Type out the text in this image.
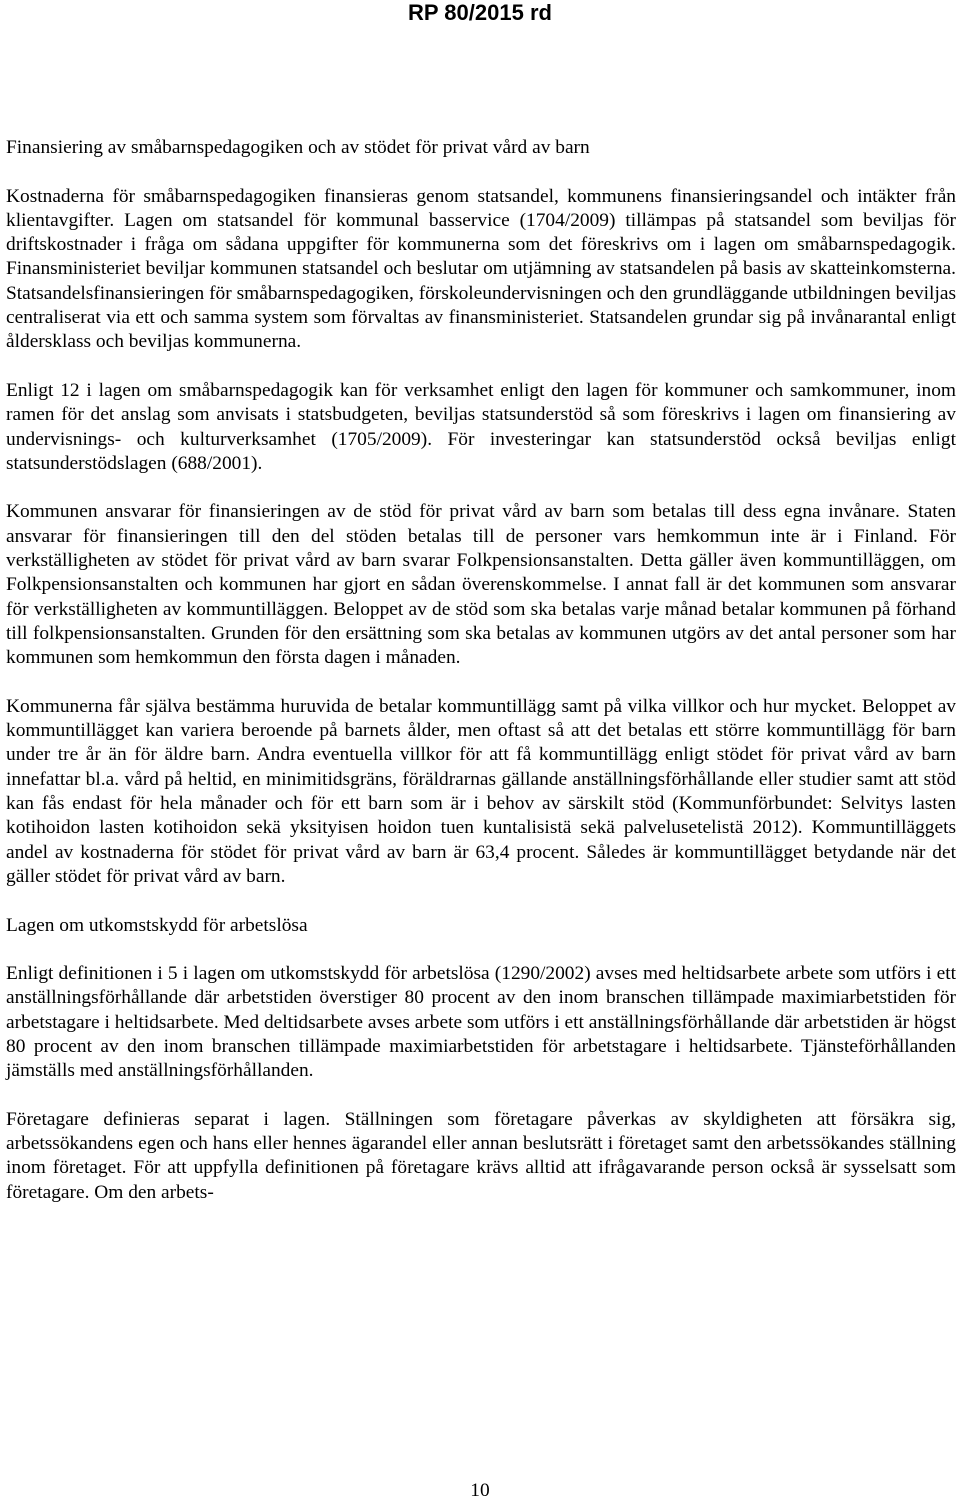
RP 80/2015 rd

Finansiering av småbarnspedagogiken och av stödet för privat vård av barn

Kostnaderna för småbarnspedagogiken finansieras genom statsandel, kommunens finansieringsandel och intäkter från klientavgifter. Lagen om statsandel för kommunal basservice (1704/2009) tillämpas på statsandel som beviljas för driftskostnader i fråga om sådana uppgifter för kommunerna som det föreskrivs om i lagen om småbarnspedagogik. Finansministeriet beviljar kommunen statsandel och beslutar om utjämning av statsandelen på basis av skatteinkomsterna. Statsandelsfinansieringen för småbarnspedagogiken, förskoleundervisningen och den grundläggande utbildningen beviljas centraliserat via ett och samma system som förvaltas av finansministeriet. Statsandelen grundar sig på invånarantal enligt åldersklass och beviljas kommunerna.

Enligt 12 i lagen om småbarnspedagogik kan för verksamhet enligt den lagen för kommuner och samkommuner, inom ramen för det anslag som anvisats i statsbudgeten, beviljas statsunderstöd så som föreskrivs i lagen om finansiering av undervisnings- och kulturverksamhet (1705/2009). För investeringar kan statsunderstöd också beviljas enligt statsunderstödslagen (688/2001).

Kommunen ansvarar för finansieringen av de stöd för privat vård av barn som betalas till dess egna invånare. Staten ansvarar för finansieringen till den del stöden betalas till de personer vars hemkommun inte är i Finland. För verkställigheten av stödet för privat vård av barn svarar Folkpensionsanstalten. Detta gäller även kommuntilläggen, om Folkpensionsanstalten och kommunen har gjort en sådan överenskommelse. I annat fall är det kommunen som ansvarar för verkställigheten av kommuntilläggen. Beloppet av de stöd som ska betalas varje månad betalar kommunen på förhand till folkpensionsanstalten. Grunden för den ersättning som ska betalas av kommunen utgörs av det antal personer som har kommunen som hemkommun den första dagen i månaden.

Kommunerna får själva bestämma huruvida de betalar kommuntillägg samt på vilka villkor och hur mycket. Beloppet av kommuntillägget kan variera beroende på barnets ålder, men oftast så att det betalas ett större kommuntillägg för barn under tre år än för äldre barn. Andra eventuella villkor för att få kommuntillägg enligt stödet för privat vård av barn innefattar bl.a. vård på heltid, en minimitidsgräns, föräldrarnas gällande anställningsförhållande eller studier samt att stöd kan fås endast för hela månader och för ett barn som är i behov av särskilt stöd (Kommunförbundet: Selvitys lasten kotihoidon lasten kotihoidon sekä yksityisen hoidon tuen kuntalisistä sekä palvelusetelistä 2012). Kommuntilläggets andel av kostnaderna för stödet för privat vård av barn är 63,4 procent. Således är kommuntillägget betydande när det gäller stödet för privat vård av barn.

Lagen om utkomstskydd för arbetslösa

Enligt definitionen i 5 i lagen om utkomstskydd för arbetslösa (1290/2002) avses med heltidsarbete arbete som utförs i ett anställningsförhållande där arbetstiden överstiger 80 procent av den inom branschen tillämpade maximiarbetstiden för arbetstagare i heltidsarbete. Med deltidsarbete avses arbete som utförs i ett anställningsförhållande där arbetstiden är högst 80 procent av den inom branschen tillämpade maximiarbetstiden för arbetstagare i heltidsarbete. Tjänsteförhållanden jämställs med anställningsförhållanden.

Företagare definieras separat i lagen. Ställningen som företagare påverkas av skyldigheten att försäkra sig, arbetssökandens egen och hans eller hennes ägarandel eller annan beslutsrätt i företaget samt den arbetssökandes ställning inom företaget. För att uppfylla definitionen på företagare krävs alltid att ifrågavarande person också är sysselsatt som företagare. Om den arbets-

10
